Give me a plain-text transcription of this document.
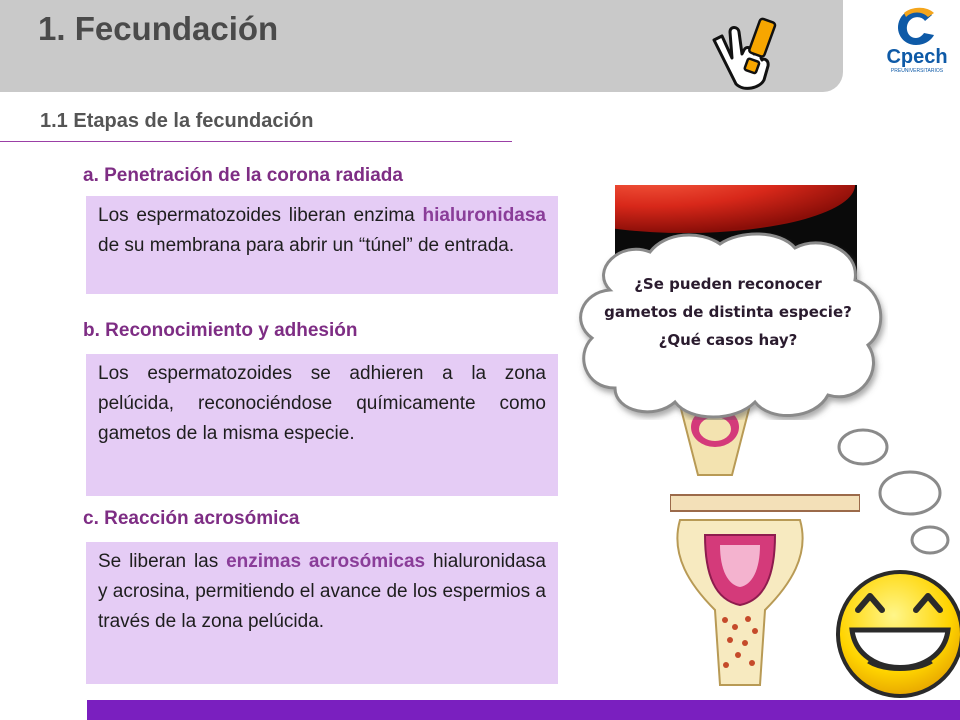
1. Fecundación
Cpech
PREUNIVERSITARIOS
1.1 Etapas de la fecundación
a. Penetración de la corona radiada
Los espermatozoides liberan enzima hialuronidasa de su membrana para abrir un “túnel” de entrada.
b. Reconocimiento y adhesión
Los espermatozoides se adhieren a la zona pelúcida, reconociéndose químicamente como gametos de la misma especie.
c. Reacción acrosómica
Se liberan las enzimas acrosómicas hialuronidasa y acrosina, permitiendo el avance de los espermios a través de la zona pelúcida.
¿Se pueden reconocer gametos de distinta especie? ¿Qué casos hay?
